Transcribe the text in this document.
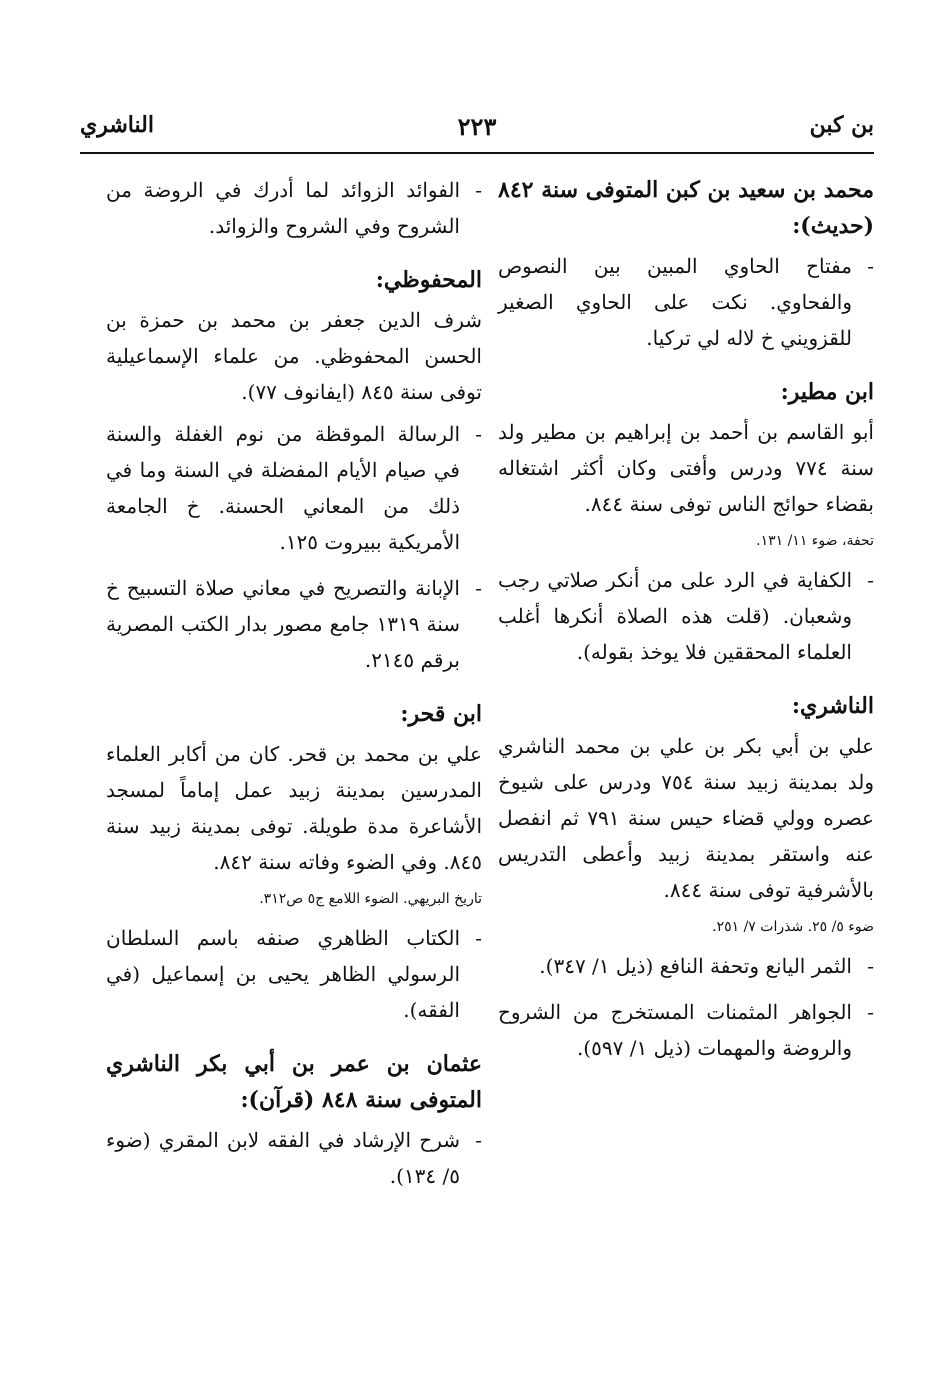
بن كبن
٢٢٣
الناشري
محمد بن سعيد بن كبن المتوفى سنة ٨٤٢ (حديث):
-
مفتاح الحاوي المبين بين النصوص والفحاوي. نكت على الحاوي الصغير للقزويني خ لاله لي تركيا.
ابن مطير:
أبو القاسم بن أحمد بن إبراهيم بن مطير ولد سنة ٧٧٤ ودرس وأفتى وكان أكثر اشتغاله بقضاء حوائج الناس توفى سنة ٨٤٤.
تحفة، ضوء ١١/ ١٣١.
-
الكفاية في الرد على من أنكر صلاتي رجب وشعبان. (قلت هذه الصلاة أنكرها أغلب العلماء المحققين فلا يوخذ بقوله).
الناشري:
علي بن أبي بكر بن علي بن محمد الناشري ولد بمدينة زبيد سنة ٧٥٤ ودرس على شيوخ عصره وولي قضاء حيس سنة ٧٩١ ثم انفصل عنه واستقر بمدينة زبيد وأعطى التدريس بالأشرفية توفى سنة ٨٤٤.
ضوء ٥/ ٢٥. شذرات ٧/ ٢٥١.
-
الثمر اليانع وتحفة النافع (ذيل ١/ ٣٤٧).
-
الجواهر المثمنات المستخرج من الشروح والروضة والمهمات (ذيل ١/ ٥٩٧).
-
الفوائد الزوائد لما أدرك في الروضة من الشروح وفي الشروح والزوائد.
المحفوظي:
شرف الدين جعفر بن محمد بن حمزة بن الحسن المحفوظي. من علماء الإسماعيلية توفى سنة ٨٤٥ (ايفانوف ٧٧).
-
الرسالة الموقظة من نوم الغفلة والسنة في صيام الأيام المفضلة في السنة وما في ذلك من المعاني الحسنة. خ الجامعة الأمريكية ببيروت ١٢٥.
-
الإبانة والتصريح في معاني صلاة التسبيح خ سنة ١٣١٩ جامع مصور بدار الكتب المصرية برقم ٢١٤٥.
ابن قحر:
علي بن محمد بن قحر. كان من أكابر العلماء المدرسين بمدينة زبيد عمل إماماً لمسجد الأشاعرة مدة طويلة. توفى بمدينة زبيد سنة ٨٤٥. وفي الضوء وفاته سنة ٨٤٢.
تاريخ البريهي. الضوء اللامع ج٥ ص٣١٢.
-
الكتاب الظاهري صنفه باسم السلطان الرسولي الظاهر يحيى بن إسماعيل (في الفقه).
عثمان بن عمر بن أبي بكر الناشري المتوفى سنة ٨٤٨ (قرآن):
-
شرح الإرشاد في الفقه لابن المقري (ضوء ٥/ ١٣٤).
